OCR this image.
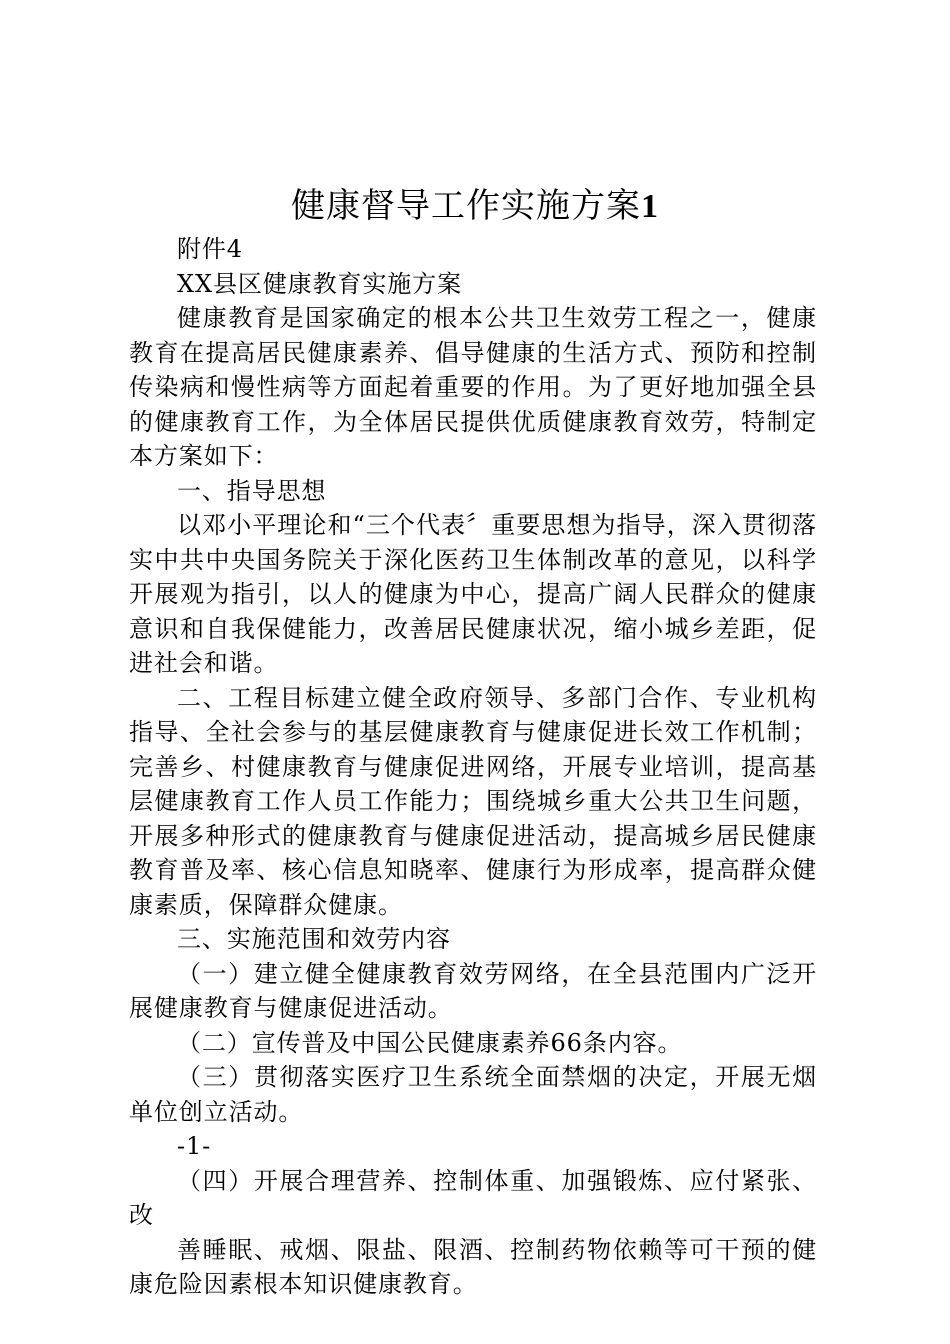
健康督导工作实施方案1

附件4

XX县区健康教育实施方案

健康教育是国家确定的根本公共卫生效劳工程之一，健康教育在提高居民健康素养、倡导健康的生活方式、预防和控制传染病和慢性病等方面起着重要的作用。为了更好地加强全县的健康教育工作，为全体居民提供优质健康教育效劳，特制定本方案如下：

一、指导思想

以邓小平理论和“三个代表〞重要思想为指导，深入贯彻落实中共中央国务院关于深化医药卫生体制改革的意见，以科学开展观为指引，以人的健康为中心，提高广阔人民群众的健康意识和自我保健能力，改善居民健康状况，缩小城乡差距，促进社会和谐。

二、工程目标建立健全政府领导、多部门合作、专业机构指导、全社会参与的基层健康教育与健康促进长效工作机制；完善乡、村健康教育与健康促进网络，开展专业培训，提高基层健康教育工作人员工作能力；围绕城乡重大公共卫生问题，开展多种形式的健康教育与健康促进活动，提高城乡居民健康教育普及率、核心信息知晓率、健康行为形成率，提高群众健康素质，保障群众健康。

三、实施范围和效劳内容

（一）建立健全健康教育效劳网络，在全县范围内广泛开展健康教育与健康促进活动。

（二）宣传普及中国公民健康素养66条内容。

（三）贯彻落实医疗卫生系统全面禁烟的决定，开展无烟单位创立活动。

-1-

（四）开展合理营养、控制体重、加强锻炼、应付紧张、改

善睡眠、戒烟、限盐、限酒、控制药物依赖等可干预的健康危险因素根本知识健康教育。
